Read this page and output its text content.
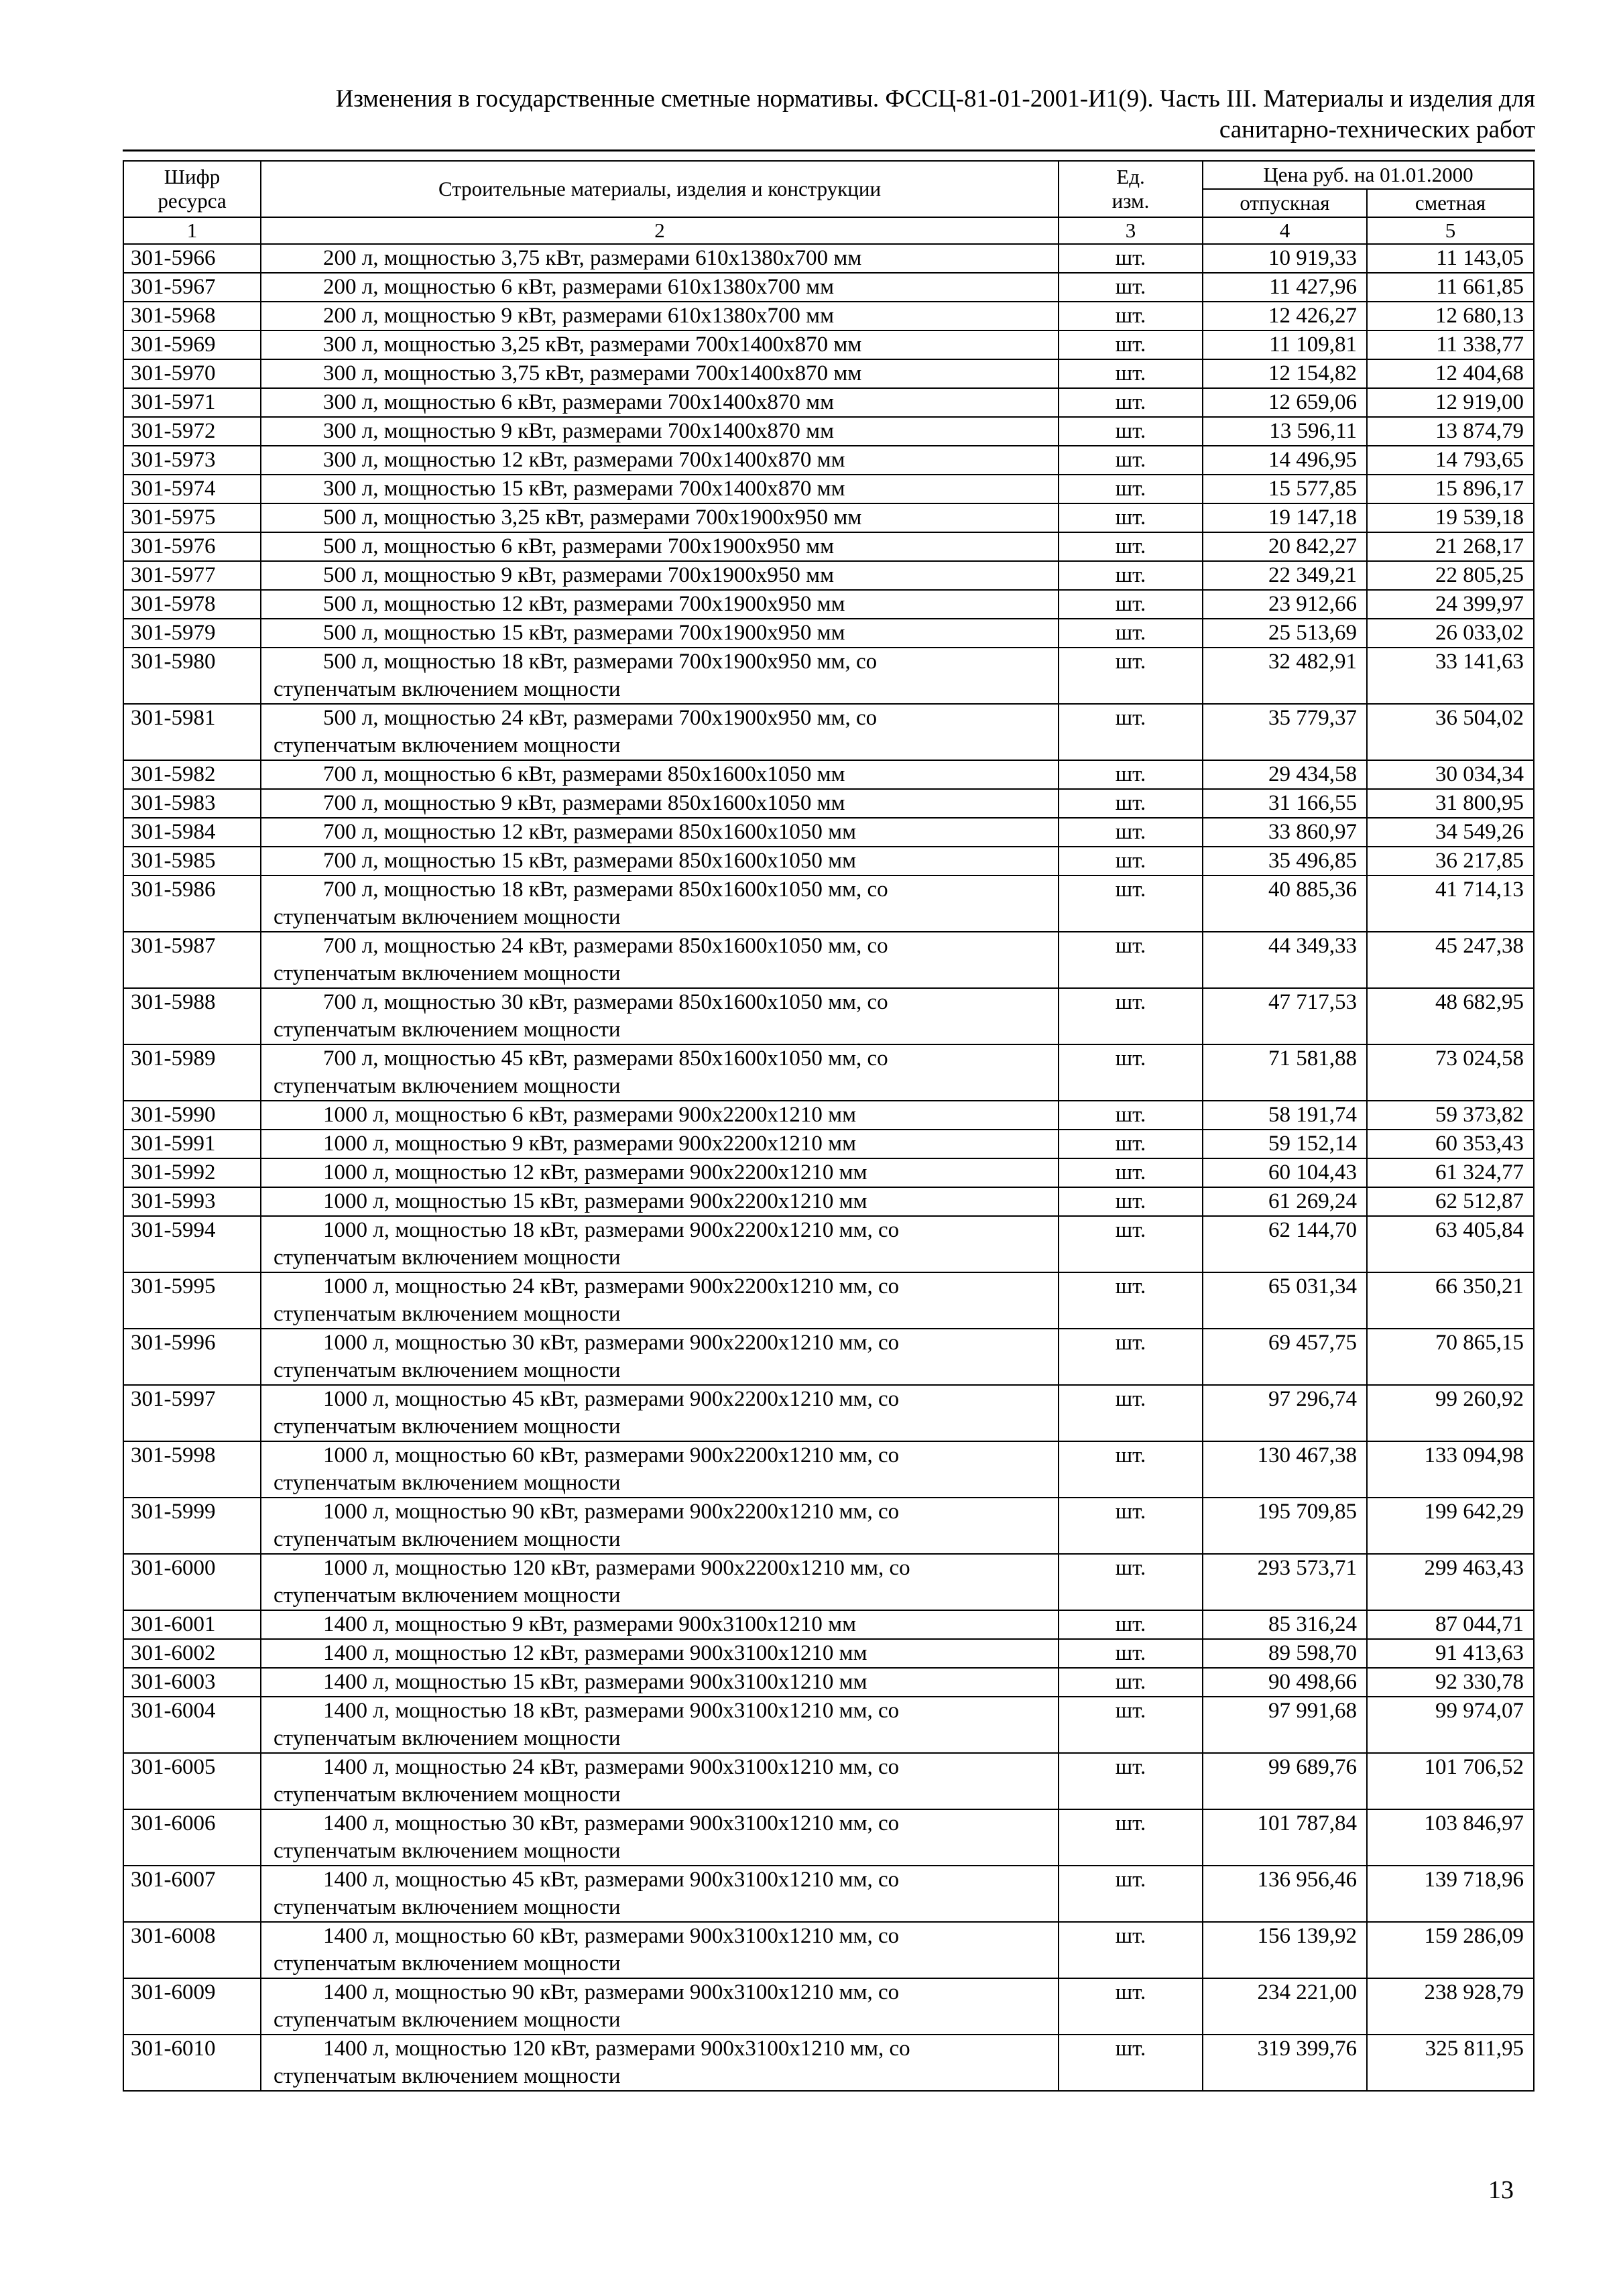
Изменения в государственные сметные нормативы. ФССЦ-81-01-2001-И1(9). Часть III. Материалы и изделия для
санитарно-технических работ
Шифр
ресурса	Строительные материалы, изделия и конструкции	Ед.
изм.	Цена руб. на 01.01.2000	
			отпускная	сметная
1	2	3	4	5
301-5966	200 л, мощностью 3,75 кВт, размерами 610х1380х700 мм	шт.	10 919,33	11 143,05
301-5967	200 л, мощностью 6 кВт, размерами 610х1380х700 мм	шт.	11 427,96	11 661,85
301-5968	200 л, мощностью 9 кВт, размерами 610х1380х700 мм	шт.	12 426,27	12 680,13
301-5969	300 л, мощностью 3,25 кВт, размерами 700х1400х870 мм	шт.	11 109,81	11 338,77
301-5970	300 л, мощностью 3,75 кВт, размерами 700х1400х870 мм	шт.	12 154,82	12 404,68
301-5971	300 л, мощностью 6 кВт, размерами 700х1400х870 мм	шт.	12 659,06	12 919,00
301-5972	300 л, мощностью 9 кВт, размерами 700х1400х870 мм	шт.	13 596,11	13 874,79
301-5973	300 л, мощностью 12 кВт, размерами 700х1400х870 мм	шт.	14 496,95	14 793,65
301-5974	300 л, мощностью 15 кВт, размерами 700х1400х870 мм	шт.	15 577,85	15 896,17
301-5975	500 л, мощностью 3,25 кВт, размерами 700х1900х950 мм	шт.	19 147,18	19 539,18
301-5976	500 л, мощностью 6 кВт, размерами 700х1900х950 мм	шт.	20 842,27	21 268,17
301-5977	500 л, мощностью 9 кВт, размерами 700х1900х950 мм	шт.	22 349,21	22 805,25
301-5978	500 л, мощностью 12 кВт, размерами 700х1900х950 мм	шт.	23 912,66	24 399,97
301-5979	500 л, мощностью 15 кВт, размерами 700х1900х950 мм	шт.	25 513,69	26 033,02
301-5980	500 л, мощностью 18 кВт, размерами 700х1900х950 мм, со
ступенчатым включением мощности	шт.	32 482,91	33 141,63
301-5981	500 л, мощностью 24 кВт, размерами 700х1900х950 мм, со
ступенчатым включением мощности	шт.	35 779,37	36 504,02
301-5982	700 л, мощностью 6 кВт, размерами 850х1600х1050 мм	шт.	29 434,58	30 034,34
301-5983	700 л, мощностью 9 кВт, размерами 850х1600х1050 мм	шт.	31 166,55	31 800,95
301-5984	700 л, мощностью 12 кВт, размерами 850х1600х1050 мм	шт.	33 860,97	34 549,26
301-5985	700 л, мощностью 15 кВт, размерами 850х1600х1050 мм	шт.	35 496,85	36 217,85
301-5986	700 л, мощностью 18 кВт, размерами 850х1600х1050 мм, со
ступенчатым включением мощности	шт.	40 885,36	41 714,13
301-5987	700 л, мощностью 24 кВт, размерами 850х1600х1050 мм, со
ступенчатым включением мощности	шт.	44 349,33	45 247,38
301-5988	700 л, мощностью 30 кВт, размерами 850х1600х1050 мм, со
ступенчатым включением мощности	шт.	47 717,53	48 682,95
301-5989	700 л, мощностью 45 кВт, размерами 850х1600х1050 мм, со
ступенчатым включением мощности	шт.	71 581,88	73 024,58
301-5990	1000 л, мощностью 6 кВт, размерами 900х2200х1210 мм	шт.	58 191,74	59 373,82
301-5991	1000 л, мощностью 9 кВт, размерами 900х2200х1210 мм	шт.	59 152,14	60 353,43
301-5992	1000 л, мощностью 12 кВт, размерами 900х2200х1210 мм	шт.	60 104,43	61 324,77
301-5993	1000 л, мощностью 15 кВт, размерами 900х2200х1210 мм	шт.	61 269,24	62 512,87
301-5994	1000 л, мощностью 18 кВт, размерами 900х2200х1210 мм, со
ступенчатым включением мощности	шт.	62 144,70	63 405,84
301-5995	1000 л, мощностью 24 кВт, размерами 900х2200х1210 мм, со
ступенчатым включением мощности	шт.	65 031,34	66 350,21
301-5996	1000 л, мощностью 30 кВт, размерами 900х2200х1210 мм, со
ступенчатым включением мощности	шт.	69 457,75	70 865,15
301-5997	1000 л, мощностью 45 кВт, размерами 900х2200х1210 мм, со
ступенчатым включением мощности	шт.	97 296,74	99 260,92
301-5998	1000 л, мощностью 60 кВт, размерами 900х2200х1210 мм, со
ступенчатым включением мощности	шт.	130 467,38	133 094,98
301-5999	1000 л, мощностью 90 кВт, размерами 900х2200х1210 мм, со
ступенчатым включением мощности	шт.	195 709,85	199 642,29
301-6000	1000 л, мощностью 120 кВт, размерами 900х2200х1210 мм, со
ступенчатым включением мощности	шт.	293 573,71	299 463,43
301-6001	1400 л, мощностью 9 кВт, размерами 900х3100х1210 мм	шт.	85 316,24	87 044,71
301-6002	1400 л, мощностью 12 кВт, размерами 900х3100х1210 мм	шт.	89 598,70	91 413,63
301-6003	1400 л, мощностью 15 кВт, размерами 900х3100х1210 мм	шт.	90 498,66	92 330,78
301-6004	1400 л, мощностью 18 кВт, размерами 900х3100х1210 мм, со
ступенчатым включением мощности	шт.	97 991,68	99 974,07
301-6005	1400 л, мощностью 24 кВт, размерами 900х3100х1210 мм, со
ступенчатым включением мощности	шт.	99 689,76	101 706,52
301-6006	1400 л, мощностью 30 кВт, размерами 900х3100х1210 мм, со
ступенчатым включением мощности	шт.	101 787,84	103 846,97
301-6007	1400 л, мощностью 45 кВт, размерами 900х3100х1210 мм, со
ступенчатым включением мощности	шт.	136 956,46	139 718,96
301-6008	1400 л, мощностью 60 кВт, размерами 900х3100х1210 мм, со
ступенчатым включением мощности	шт.	156 139,92	159 286,09
301-6009	1400 л, мощностью 90 кВт, размерами 900х3100х1210 мм, со
ступенчатым включением мощности	шт.	234 221,00	238 928,79
301-6010	1400 л, мощностью 120 кВт, размерами 900х3100х1210 мм, со
ступенчатым включением мощности	шт.	319 399,76	325 811,95
13
